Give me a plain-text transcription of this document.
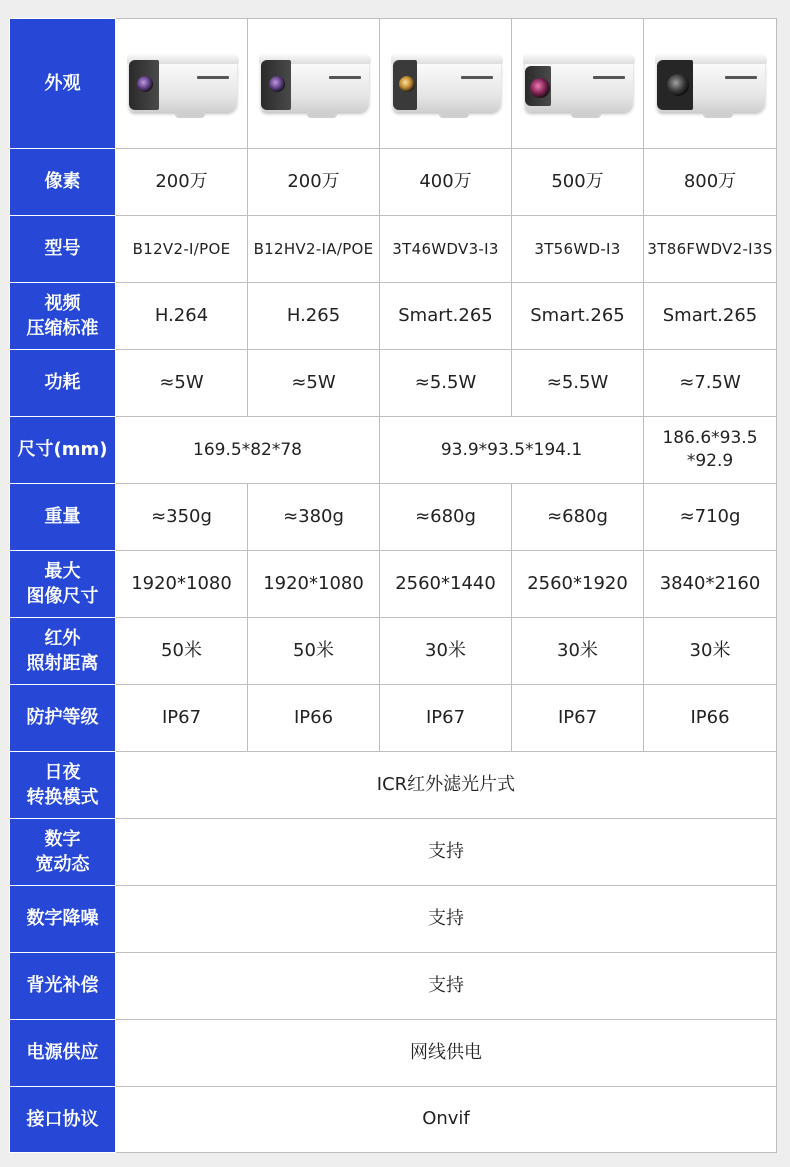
外观					

像素	200万	200万	400万	500万	800万

型号	B12V2-I/POE	B12HV2-IA/POE	3T46WDV3-I3	3T56WD-I3	3T86FWDV2-I3S

视频
压缩标准	H.264	H.265	Smart.265	Smart.265	Smart.265

功耗	≈5W	≈5W	≈5.5W	≈5.5W	≈7.5W

尺寸(mm)	169.5*82*78		93.9*93.5*194.1		186.6*93.5
*92.9

重量	≈350g	≈380g	≈680g	≈680g	≈710g

最大
图像尺寸	1920*1080	1920*1080	2560*1440	2560*1920	3840*2160

红外
照射距离	50米	50米	30米	30米	30米

防护等级	IP67	IP66	IP67	IP67	IP66

日夜
转换模式	ICR红外滤光片式				

数字
宽动态	支持				

数字降噪	支持				

背光补偿	支持				

电源供应	网线供电				

接口协议	Onvif				
